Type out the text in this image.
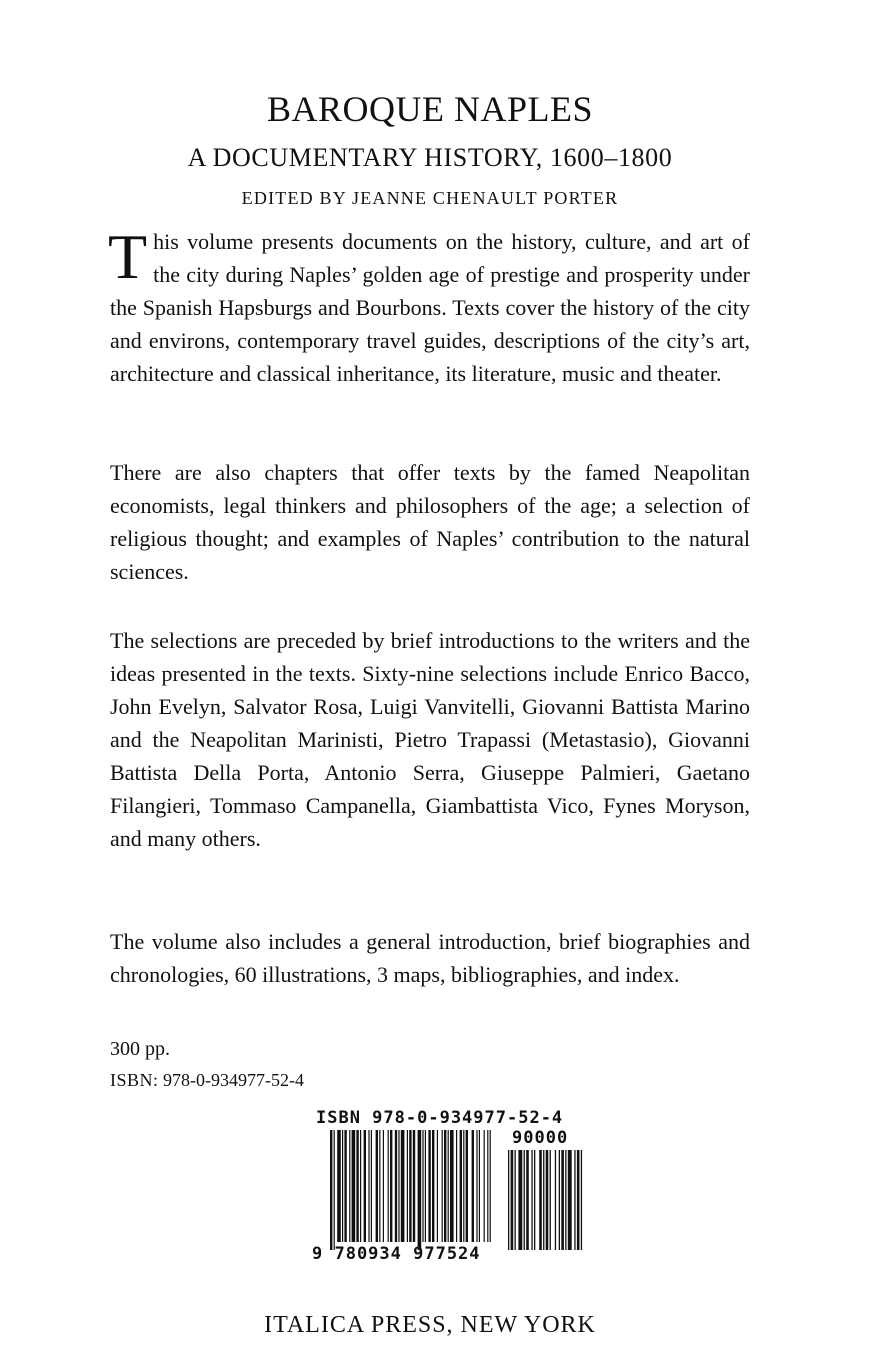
BAROQUE NAPLES
A DOCUMENTARY HISTORY, 1600–1800

EDITED BY JEANNE CHENAULT PORTER

This volume presents documents on the history, culture, and art of the city during Naples’ golden age of prestige and prosperity under the Spanish Hapsburgs and Bourbons. Texts cover the history of the city and environs, contemporary travel guides, descriptions of the city’s art, architecture and classical inheritance, its literature, music and theater.

There are also chapters that offer texts by the famed Neapolitan economists, legal thinkers and philosophers of the age; a selection of religious thought; and examples of Naples’ contribution to the natural sciences.

The selections are preceded by brief introductions to the writers and the ideas presented in the texts. Sixty-nine selections include Enrico Bacco, John Evelyn, Salvator Rosa, Luigi Vanvitelli, Giovanni Battista Marino and the Neapolitan Marinisti, Pietro Trapassi (Metastasio), Giovanni Battista Della Porta, Antonio Serra, Giuseppe Palmieri, Gaetano Filangieri, Tommaso Campanella, Giambattista Vico, Fynes Moryson, and many others.

The volume also includes a general introduction, brief biographies and chronologies, 60 illustrations, 3 maps, bibliographies, and index.

300 pp.

ISBN: 978-0-934977-52-4

ISBN 978-0-934977-52-4
90000
9 780934 977524

ITALICA PRESS, NEW YORK
